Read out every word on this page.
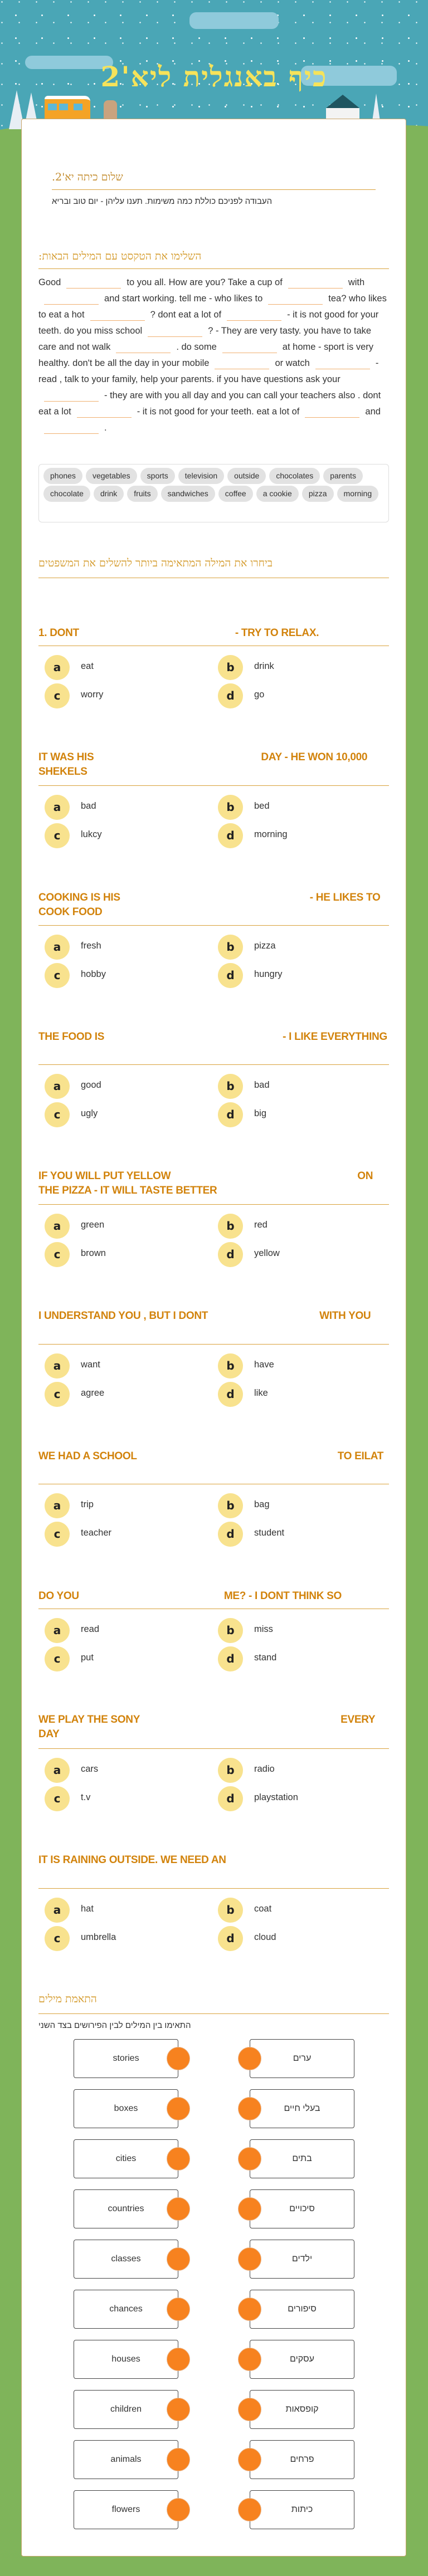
כיף באנגלית ליא'2
שלום כיתה יא'2.
העבודה לפניכם כוללת כמה משימות. תענו עליהן - יום טוב ובריא
השלימו את הטקסט עם המילים הבאות:
Good	to you all. How are you? Take a cup of	withand start working. tell me - who likes to	tea? who likes to eat a hot	? dont eat a lot of	- it is not good for your teeth. do you miss school	? - They are very tasty. you have to take care and not walk	. do some	at home - sport is very healthy. don't be all the day in your mobile	or watch	- read , talk to your family, help your parents. if you have questions ask your- they are with you all day and you can call your teachers also . dont eat a lot	- it is not good for your teeth. eat a lot of	and.
phones vegetables sports television outside chocolates parentschocolate drink fruits sandwiches coffee a cookie pizza morning
ביחרו את המילה המתאימה ביותר להשלים את המשפטים
1. DONT	- TRY TO RELAX.
a	eat	b	drink
c	worry	d	go
IT WAS HIS	DAY - HE WON 10,000 SHEKELS
a	bad	b	bed
c	lukcy	d	morning
COOKING IS HIS	- HE LIKES TO COOK FOOD
a	fresh	b	pizza
c	hobby	d	hungry
THE FOOD IS	- I LIKE EVERYTHING
a	good	b	bad
c	ugly	d	big
IF YOU WILL PUT YELLOW	ON THE PIZZA - IT WILL TASTE BETTER
a	green	b	red
c	brown	d	yellow
I UNDERSTAND YOU , BUT I DONT	WITH YOU
a	want	b	have
c	agree	d	like
WE HAD A SCHOOL	TO EILAT
a	trip	b	bag
c	teacher	d	student
DO YOU	ME? - I DONT THINK SO
a	read	b	miss
c	put	d	stand
WE PLAY THE SONY	EVERY DAY
a	cars	b	radio
c	t.v	d	playstation
IT IS RAINING OUTSIDE. WE NEED AN
a	hat	b	coat
c	umbrella	d	cloud
התאמת מילים
התאימו בין המילים לבין הפירושים בצד השני
stories	ערים
boxes	בעלי חיים
cities	בתים
countries	סיכויים
classes	ילדים
chances	סיפורים
houses	עסקים
children	קופסאות
animals	פרחים
flowers	כיתות
